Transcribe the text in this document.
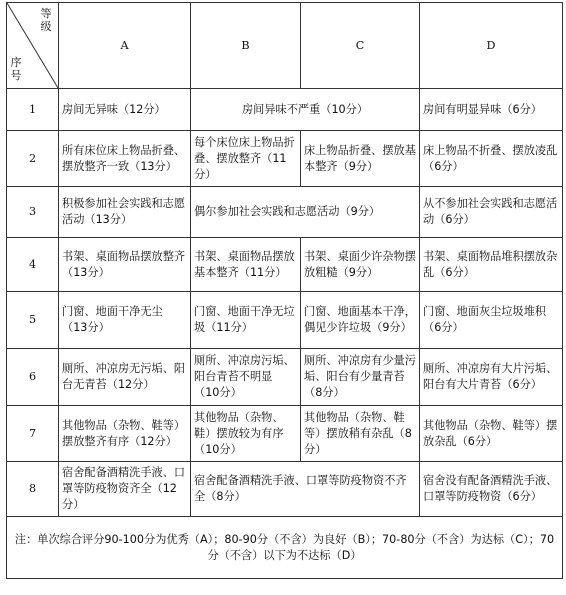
等级
序号	A	B	C	D
1	房间无异味（12分）	房间异味不严重（10分）		房间有明显异味（6分）
2	所有床位床上物品折叠、摆放整齐一致（13分）	每个床位床上物品折叠、摆放整齐（11分）	床上物品折叠、摆放基本整齐（9分）	床上物品不折叠、摆放凌乱（6分）
3	积极参加社会实践和志愿活动（13分）	偶尔参加社会实践和志愿活动（9分）		从不参加社会实践和志愿活动（6分）
4	书架、桌面物品摆放整齐（13分）	书架、桌面物品摆放基本整齐（11分）	书架、桌面少许杂物摆放粗糙（9分）	书架、桌面物品堆积摆放杂乱（6分）
5	门窗、地面干净无尘（13分）	门窗、地面干净无垃圾（11分）	门窗、地面基本干净，偶见少许垃圾（9分）	门窗、地面灰尘垃圾堆积（6分）
6	厕所、冲凉房无污垢、阳台无青苔（12分）	厕所、冲凉房污垢、阳台青苔不明显（10分）	厕所、冲凉房有少量污垢、阳台有少量青苔（8分）	厕所、冲凉房有大片污垢、阳台有大片青苔（6分）
7	其他物品（杂物、鞋等）摆放整齐有序（12分）	其他物品（杂物、鞋）摆放较为有序（10分）	其他物品（杂物、鞋等）摆放稍有杂乱（8分）	其他物品（杂物、鞋等）摆放杂乱（6分）
8	宿舍配备酒精洗手液、口罩等防疫物资齐全（12分）	宿舍配备酒精洗手液、口罩等防疫物资不齐全（8分）		宿舍没有配备酒精洗手液、口罩等防疫物资（6分）
注：单次综合评分90-100分为优秀（A）；80-90分（不含）为良好（B）；70-80分（不含）为达标（C）；70分（不含）以下为不达标（D）				
